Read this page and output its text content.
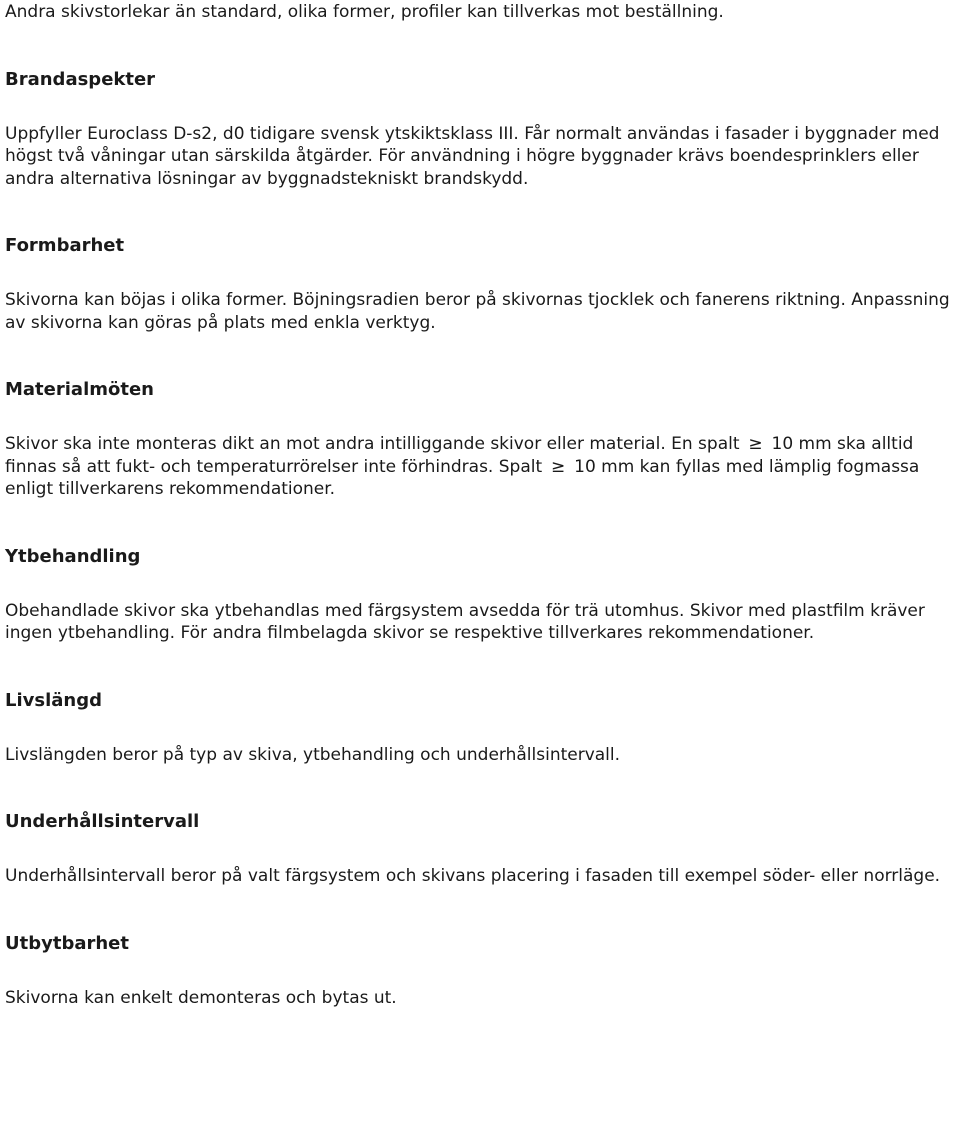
Andra skivstorlekar än standard, olika former, profiler kan tillverkas mot beställning.

Brandaspekter

Uppfyller Euroclass D-s2, d0 tidigare svensk ytskiktsklass III. Får normalt användas i fasader i byggnader med högst två våningar utan särskilda åtgärder. För användning i högre byggnader krävs boendesprinklers eller andra alternativa lösningar av byggnadstekniskt brandskydd.

Formbarhet

Skivorna kan böjas i olika former. Böjningsradien beror på skivornas tjocklek och fanerens riktning. Anpassning av skivorna kan göras på plats med enkla verktyg.

Materialmöten

Skivor ska inte monteras dikt an mot andra intilliggande skivor eller material. En spalt ≥ 10 mm ska alltid finnas så att fukt- och temperaturrörelser inte förhindras. Spalt ≥ 10 mm kan fyllas med lämplig fogmassa enligt tillverkarens rekommendationer.

Ytbehandling

Obehandlade skivor ska ytbehandlas med färgsystem avsedda för trä utomhus. Skivor med plastfilm kräver ingen ytbehandling. För andra filmbelagda skivor se respektive tillverkares rekommendationer.

Livslängd

Livslängden beror på typ av skiva, ytbehandling och underhållsintervall.

Underhållsintervall

Underhållsintervall beror på valt färgsystem och skivans placering i fasaden till exempel söder- eller norrläge.

Utbytbarhet

Skivorna kan enkelt demonteras och bytas ut.
